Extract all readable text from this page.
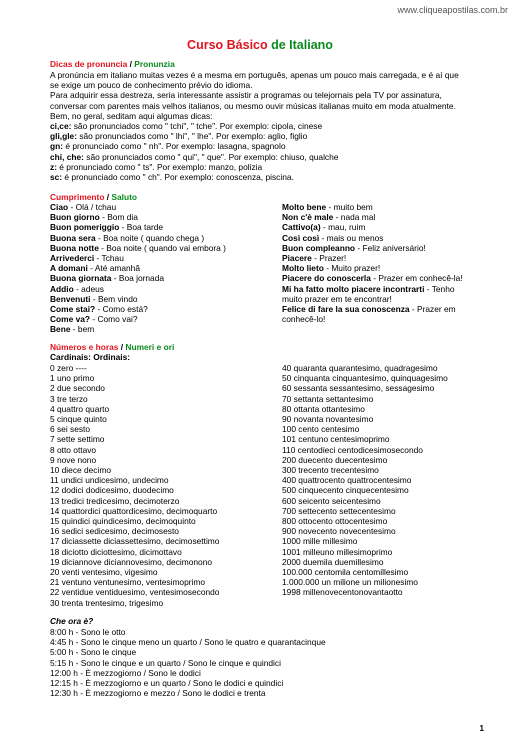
www.cliqueapostilas.com.br
Curso Básico de Italiano
Dicas de pronuncia / Pronunzia
A pronúncia em italiano muitas vezes é a mesma em português, apenas um pouco mais carregada, e é aí que
se exige um pouco de conhecimento prévio do idioma.
Para adquirir essa destreza, seria interessante assistir a programas ou telejornais pela TV por assinatura,
conversar com parentes mais velhos italianos, ou mesmo ouvir músicas italianas muito em moda atualmente.
Bem, no geral, seditam aqui algumas dicas:
ci,ce: são pronunciados como " tchi", " tche". Por exemplo: cipola, cinese
gli,gle: são pronunciados como " lhi", " lhe". Por exemplo: aglio, figlio
gn: é pronunciado como " nh". Por exemplo: lasagna, spagnolo
chi, che: são pronunciados como " qui", " que". Por exemplo: chiuso, qualche
z: é pronunciado como " ts". Por exemplo: manzo, polizia
sc: é pronunciado como " ch". Por exemplo: conoscenza, piscina.
Cumprimento / Saluto
Ciao - Olá / tchau
Buon giorno - Bom dia
Buon pomeriggio - Boa tarde
Buona sera - Boa noite ( quando chega )
Buona notte - Boa noite ( quando vai embora )
Arrivederci - Tchau
A domani - Até amanhã
Buona giornata - Boa jornada
Addio - adeus
Benvenuti - Bem vindo
Come stai? - Como está?
Come va? - Como vai?
Bene - bem
Molto bene - muito bem
Non c'è male - nada mal
Cattivo(a) - mau, ruim
Così così - mais ou menos
Buon compleanno - Feliz aniversário!
Piacere - Prazer!
Molto lieto - Muito prazer!
Piacere do conoscerla - Prazer em conhecê-la!
Mi ha fatto molto piacere incontrarti - Tenho
muito prazer em te encontrar!
Felice di fare la sua conoscenza - Prazer em
conhecê-lo!
Números e horas / Numeri e ori
Cardinais: Ordinais:
0 zero ----
1 uno primo
2 due secondo
3 tre terzo
4 quattro quarto
5 cinque quinto
6 sei sesto
7 sette settimo
8 otto ottavo
9 nove nono
10 diece decimo
11 undici undicesimo, undecimo
12 dodici dodicesimo, duodecimo
13 tredici tredicesimo, decimoterzo
14 quattordici quattordicesimo, decimoquarto
15 quindici quindicesimo, decimoquinto
16 sedici sedicesimo, decimosesto
17 diciassette diciassettesimo, decimosettimo
18 diciotto diciottesimo, dicimottavo
19 diciannove diciannovesimo, decimonono
20 venti ventesimo, vigesimo
21 ventuno ventunesimo, ventesimoprimo
22 ventidue ventiduesimo, ventesimosecondo
30 trenta trentesimo, trigesimo
40 quaranta quarantesimo, quadragesimo
50 cinquanta cinquantesimo, quinquagesimo
60 sessanta sessantesimo, sessagesimo
70 settanta settantesimo
80 ottanta ottantesimo
90 novanta novantesimo
100 cento centesimo
101 centuno centesimoprimo
110 centodieci centodicesimosecondo
200 duecento duecentesimo
300 trecento trecentesimo
400 quattrocento quattrocentesimo
500 cinquecento cinquecentesimo
600 seicento seicentesimo
700 settecento settecentesimo
800 ottocento ottocentesimo
900 novecento novecentesimo
1000 mille millesimo
1001 milleuno millesimoprimo
2000 duemila duemillesimo
100.000 centomila centomillesimo
1.000.000 un milione un milionesimo
1998 millenovecentonovantaotto
Che ora è?
8:00 h - Sono le otto
4:45 h - Sono le cinque meno un quarto / Sono le quatro e quarantacinque
5:00 h - Sono le cinque
5:15 h - Sono le cinque e un quarto / Sono le cinque e quindici
12:00 h - È mezzogiorno / Sono le dodici
12:15 h - È mezzogiorno e un quarto / Sono le dodici e quindici
12:30 h - È mezzogiorno e mezzo / Sono le dodici e trenta
1
